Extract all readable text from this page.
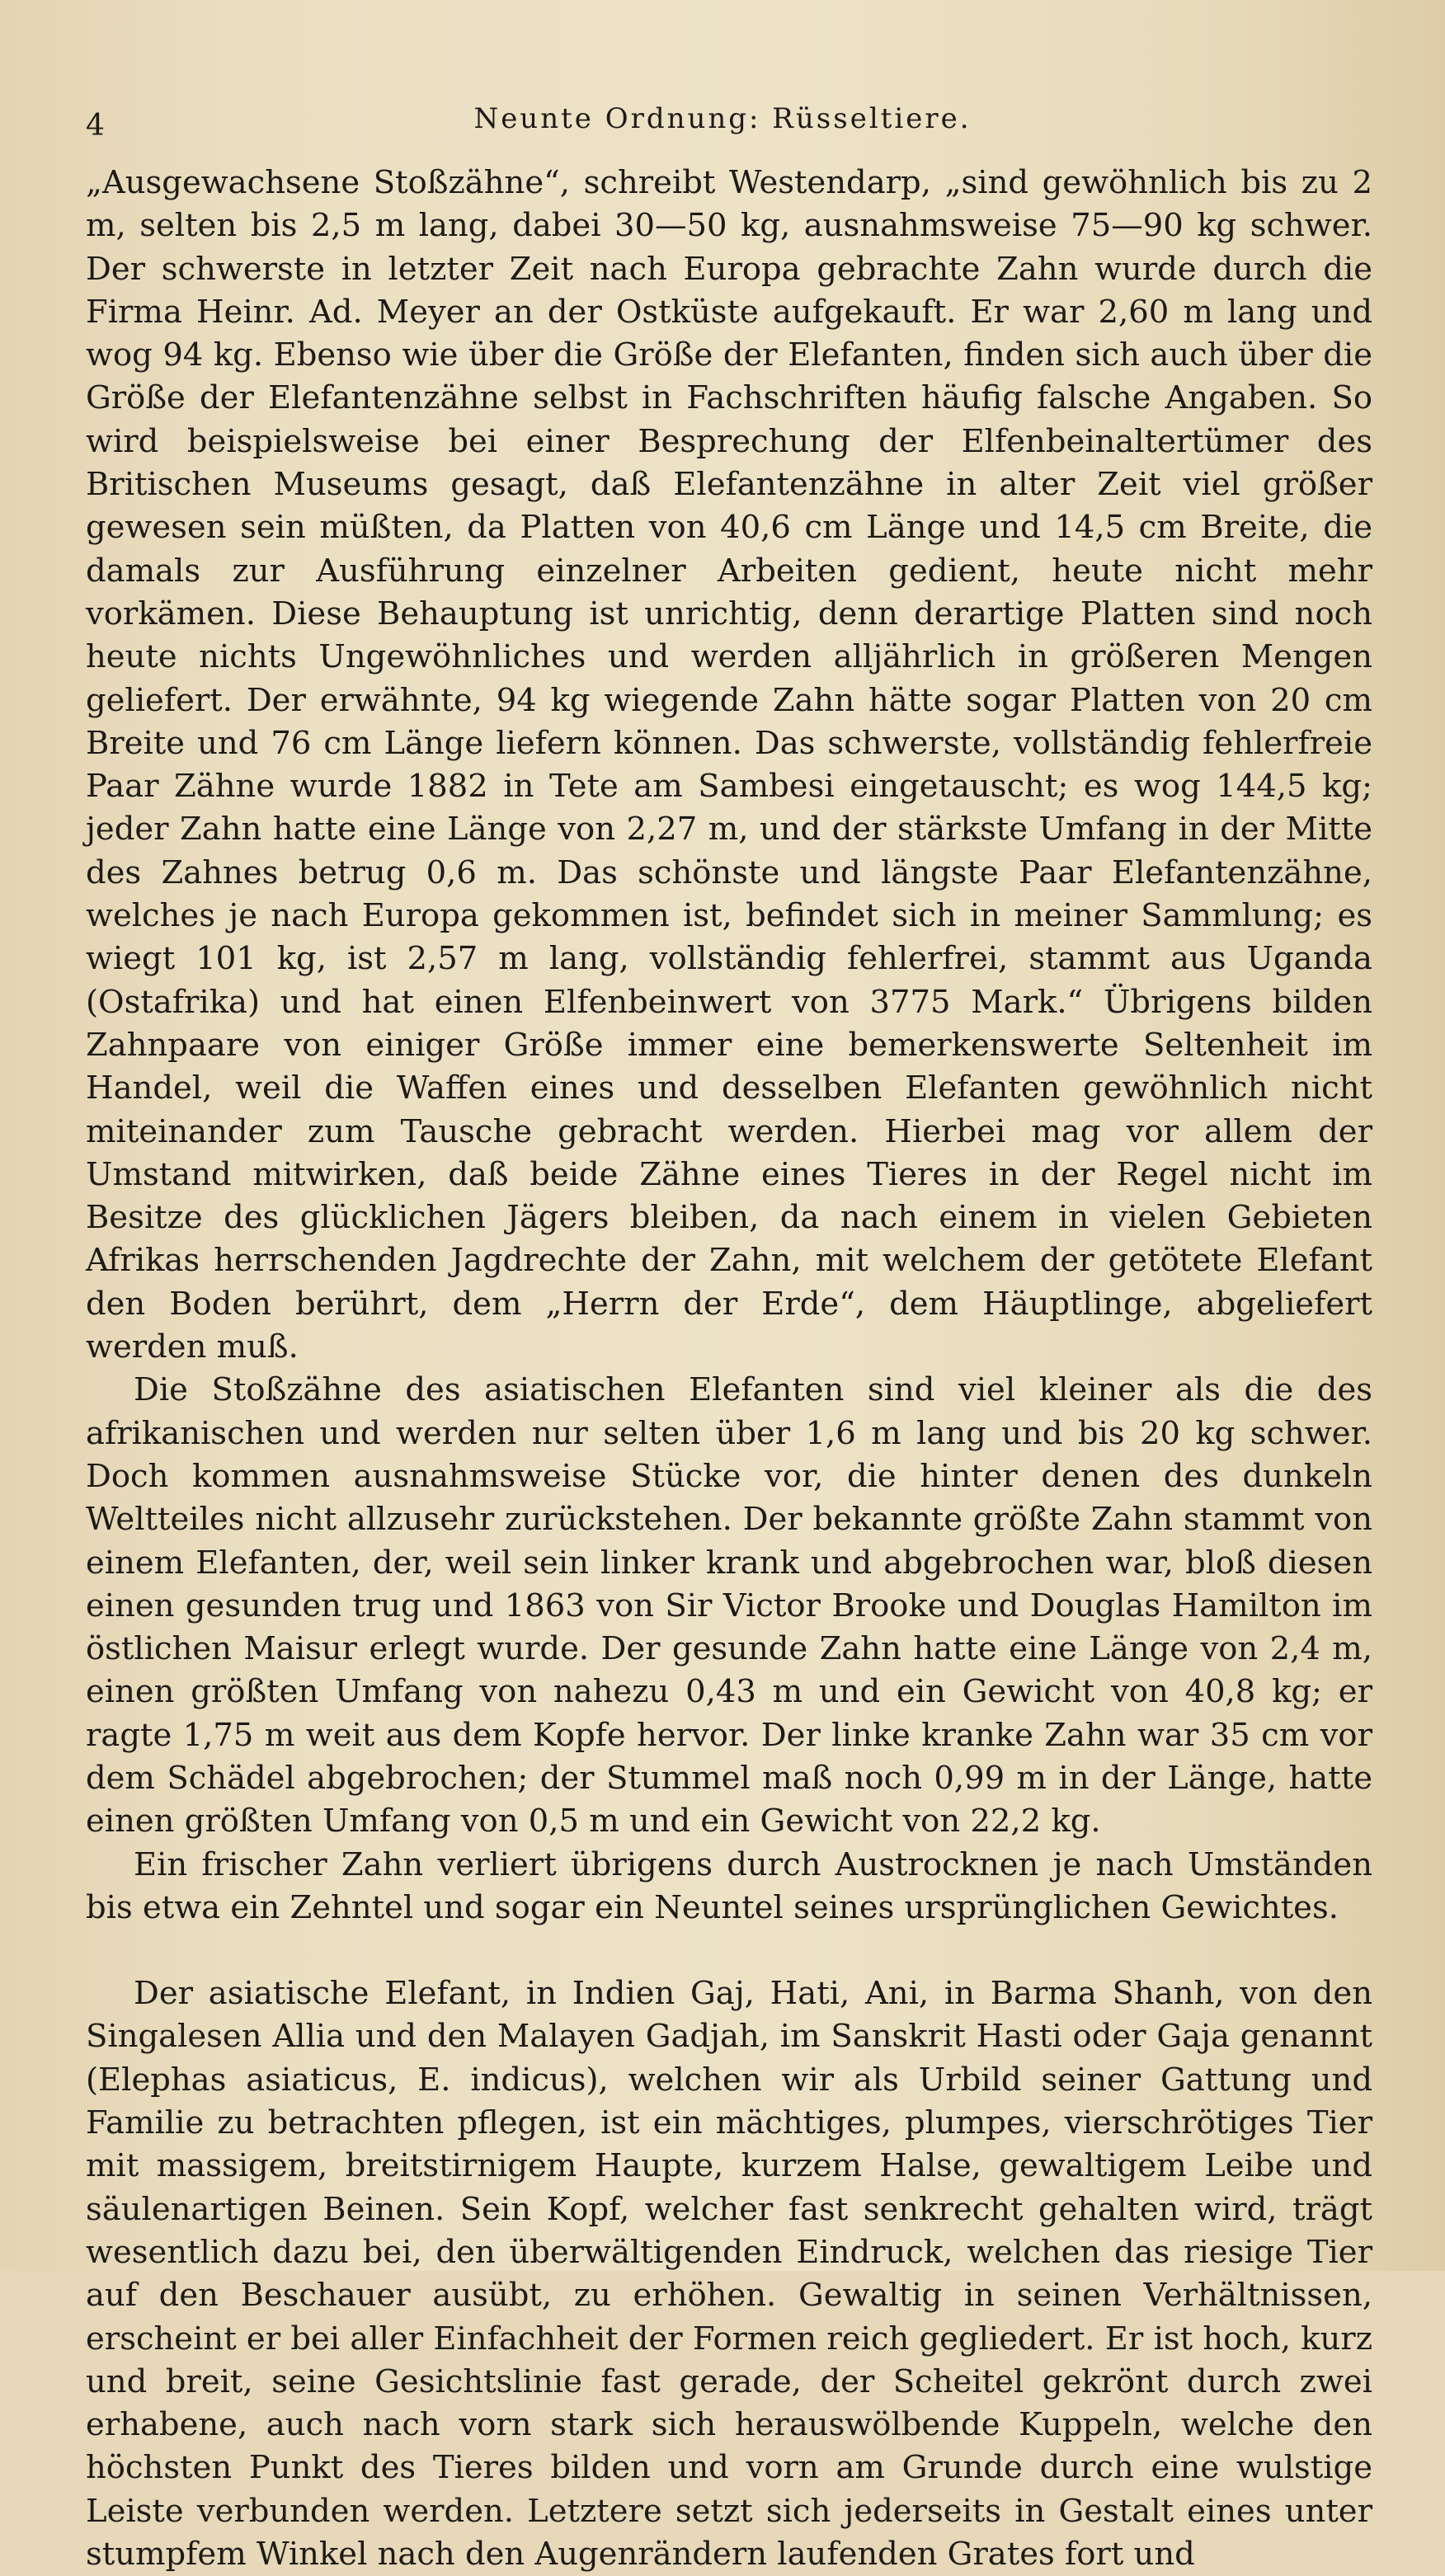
4	Neunte Ordnung: Rüsseltiere.

„Ausgewachsene Stoßzähne“, schreibt Westendarp, „sind gewöhnlich bis zu 2 m, selten bis 2,5 m lang, dabei 30—50 kg, ausnahmsweise 75—90 kg schwer. Der schwerste in letzter Zeit nach Europa gebrachte Zahn wurde durch die Firma Heinr. Ad. Meyer an der Ostküste aufgekauft. Er war 2,60 m lang und wog 94 kg. Ebenso wie über die Größe der Elefanten, finden sich auch über die Größe der Elefantenzähne selbst in Fachschriften häufig falsche Angaben. So wird beispielsweise bei einer Besprechung der Elfenbeinaltertümer des Britischen Museums gesagt, daß Elefantenzähne in alter Zeit viel größer gewesen sein müßten, da Platten von 40,6 cm Länge und 14,5 cm Breite, die damals zur Ausführung einzelner Arbeiten gedient, heute nicht mehr vorkämen. Diese Behauptung ist unrichtig, denn derartige Platten sind noch heute nichts Ungewöhnliches und werden alljährlich in größeren Mengen geliefert. Der erwähnte, 94 kg wiegende Zahn hätte sogar Platten von 20 cm Breite und 76 cm Länge liefern können. Das schwerste, vollständig fehlerfreie Paar Zähne wurde 1882 in Tete am Sambesi eingetauscht; es wog 144,5 kg; jeder Zahn hatte eine Länge von 2,27 m, und der stärkste Umfang in der Mitte des Zahnes betrug 0,6 m. Das schönste und längste Paar Elefantenzähne, welches je nach Europa gekommen ist, befindet sich in meiner Sammlung; es wiegt 101 kg, ist 2,57 m lang, vollständig fehlerfrei, stammt aus Uganda (Ostafrika) und hat einen Elfenbeinwert von 3775 Mark.“ Übrigens bilden Zahnpaare von einiger Größe immer eine bemerkenswerte Seltenheit im Handel, weil die Waffen eines und desselben Elefanten gewöhnlich nicht miteinander zum Tausche gebracht werden. Hierbei mag vor allem der Umstand mitwirken, daß beide Zähne eines Tieres in der Regel nicht im Besitze des glücklichen Jägers bleiben, da nach einem in vielen Gebieten Afrikas herrschenden Jagdrechte der Zahn, mit welchem der getötete Elefant den Boden berührt, dem „Herrn der Erde“, dem Häuptlinge, abgeliefert werden muß.

Die Stoßzähne des asiatischen Elefanten sind viel kleiner als die des afrikanischen und werden nur selten über 1,6 m lang und bis 20 kg schwer. Doch kommen ausnahmsweise Stücke vor, die hinter denen des dunkeln Weltteiles nicht allzusehr zurückstehen. Der bekannte größte Zahn stammt von einem Elefanten, der, weil sein linker krank und abgebrochen war, bloß diesen einen gesunden trug und 1863 von Sir Victor Brooke und Douglas Hamilton im östlichen Maisur erlegt wurde. Der gesunde Zahn hatte eine Länge von 2,4 m, einen größten Umfang von nahezu 0,43 m und ein Gewicht von 40,8 kg; er ragte 1,75 m weit aus dem Kopfe hervor. Der linke kranke Zahn war 35 cm vor dem Schädel abgebrochen; der Stummel maß noch 0,99 m in der Länge, hatte einen größten Umfang von 0,5 m und ein Gewicht von 22,2 kg.

Ein frischer Zahn verliert übrigens durch Austrocknen je nach Umständen bis etwa ein Zehntel und sogar ein Neuntel seines ursprünglichen Gewichtes.

Der asiatische Elefant, in Indien Gaj, Hati, Ani, in Barma Shanh, von den Singalesen Allia und den Malayen Gadjah, im Sanskrit Hasti oder Gaja genannt (Elephas asiaticus, E. indicus), welchen wir als Urbild seiner Gattung und Familie zu betrachten pflegen, ist ein mächtiges, plumpes, vierschrötiges Tier mit massigem, breitstirnigem Haupte, kurzem Halse, gewaltigem Leibe und säulenartigen Beinen. Sein Kopf, welcher fast senkrecht gehalten wird, trägt wesentlich dazu bei, den überwältigenden Eindruck, welchen das riesige Tier auf den Beschauer ausübt, zu erhöhen. Gewaltig in seinen Verhältnissen, erscheint er bei aller Einfachheit der Formen reich gegliedert. Er ist hoch, kurz und breit, seine Gesichtslinie fast gerade, der Scheitel gekrönt durch zwei erhabene, auch nach vorn stark sich herauswölbende Kuppeln, welche den höchsten Punkt des Tieres bilden und vorn am Grunde durch eine wulstige Leiste verbunden werden. Letztere setzt sich jederseits in Gestalt eines unter stumpfem Winkel nach den Augenrändern laufenden Grates fort und
